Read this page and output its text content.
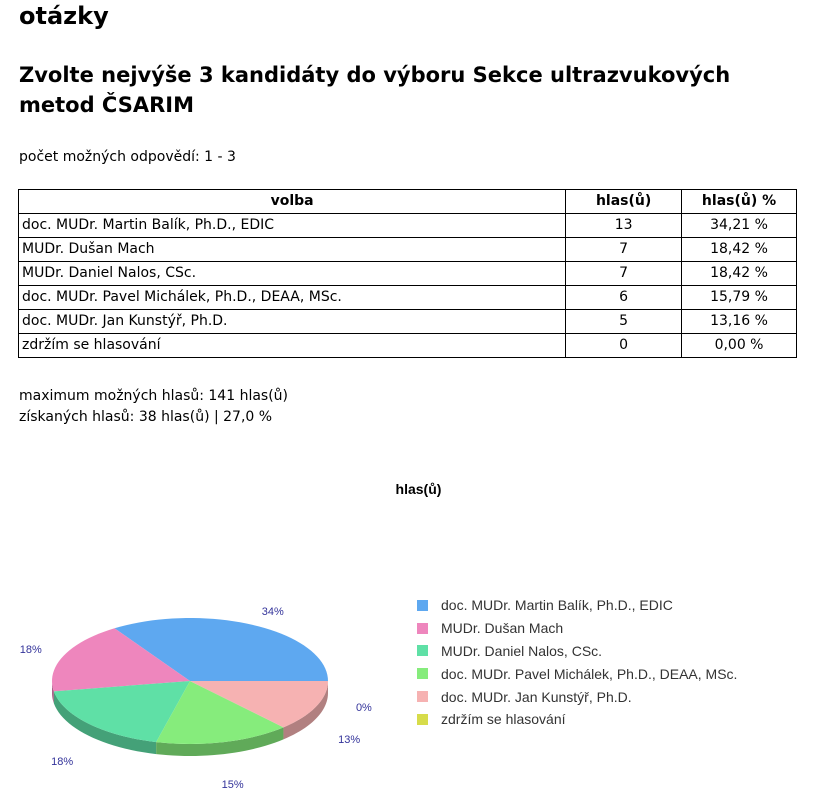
otázky
Zvolte nejvýše 3 kandidáty do výboru Sekce ultrazvukových metod ČSARIM
počet možných odpovědí: 1 - 3
volba	hlas(ů)	hlas(ů) %
doc. MUDr. Martin Balík, Ph.D., EDIC	13	34,21 %
MUDr. Dušan Mach	7	18,42 %
MUDr. Daniel Nalos, CSc.	7	18,42 %
doc. MUDr. Pavel Michálek, Ph.D., DEAA, MSc.	6	15,79 %
doc. MUDr. Jan Kunstýř, Ph.D.	5	13,16 %
zdržím se hlasování	0	0,00 %
maximum možných hlasů: 141 hlas(ů)
získaných hlasů: 38 hlas(ů) | 27,0 %
hlas(ů)
34%
18%
18%
15%
13%
0%
doc. MUDr. Martin Balík, Ph.D., EDIC
MUDr. Dušan Mach
MUDr. Daniel Nalos, CSc.
doc. MUDr. Pavel Michálek, Ph.D., DEAA, MSc.
doc. MUDr. Jan Kunstýř, Ph.D.
zdržím se hlasování
